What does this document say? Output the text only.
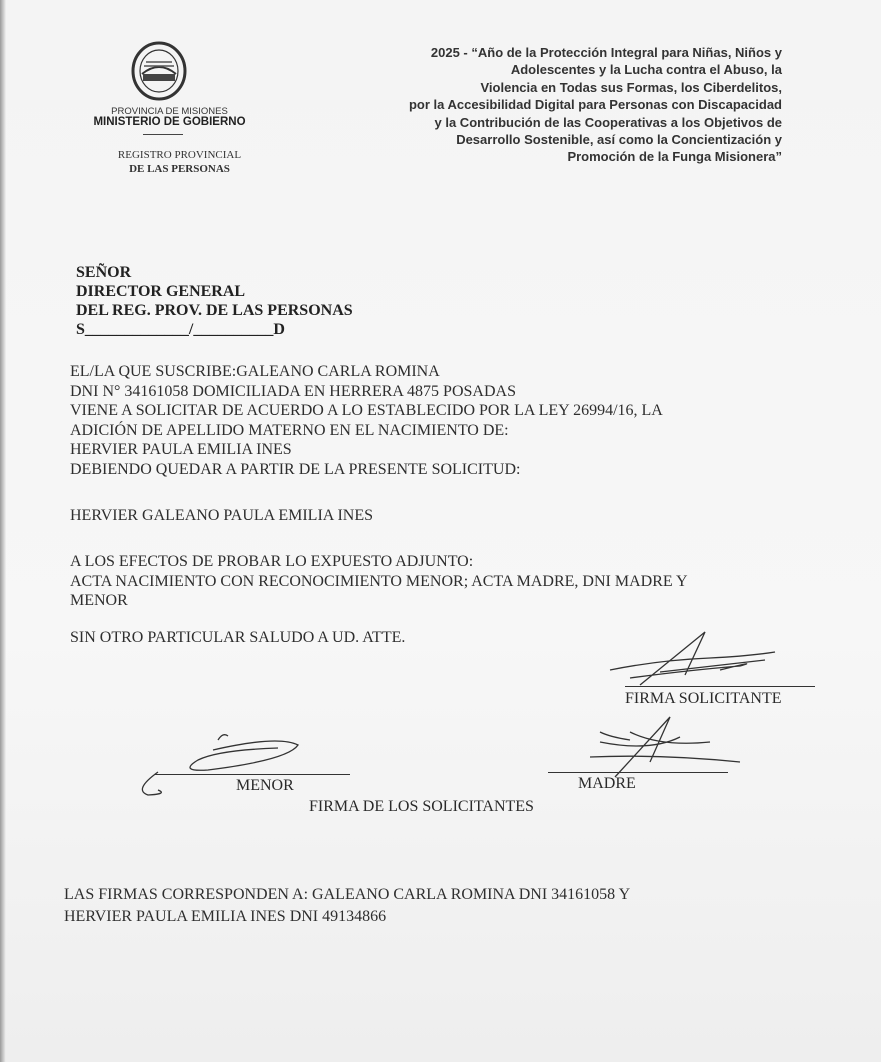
PROVINCIA DE MISIONES
MINISTERIO DE GOBIERNO
REGISTRO PROVINCIAL
DE LAS PERSONAS
2025 - “Año de la Protección Integral para Niñas, Niños y
Adolescentes y la Lucha contra el Abuso, la
Violencia en Todas sus Formas, los Ciberdelitos,
por la Accesibilidad Digital para Personas con Discapacidad
y la Contribución de las Cooperativas a los Objetivos de
Desarrollo Sostenible, así como la Concientización y
Promoción de la Funga Misionera”
SEÑOR
DIRECTOR GENERAL
DEL REG. PROV. DE LAS PERSONAS
S_____________/__________D
EL/LA QUE SUSCRIBE:GALEANO CARLA ROMINA
DNI N° 34161058 DOMICILIADA EN HERRERA 4875 POSADAS
VIENE A SOLICITAR DE ACUERDO A LO ESTABLECIDO POR LA LEY 26994/16, LA
ADICIÓN DE APELLIDO MATERNO EN EL NACIMIENTO DE:
HERVIER PAULA EMILIA INES
DEBIENDO QUEDAR A PARTIR DE LA PRESENTE SOLICITUD:
HERVIER GALEANO PAULA EMILIA INES
A LOS EFECTOS DE PROBAR LO EXPUESTO ADJUNTO:
ACTA NACIMIENTO CON RECONOCIMIENTO MENOR; ACTA MADRE, DNI MADRE Y
MENOR
SIN OTRO PARTICULAR SALUDO A UD. ATTE.
FIRMA SOLICITANTE
MENOR	MADRE
FIRMA DE LOS SOLICITANTES
LAS FIRMAS CORRESPONDEN A: GALEANO CARLA ROMINA DNI 34161058 Y
HERVIER PAULA EMILIA INES DNI 49134866
